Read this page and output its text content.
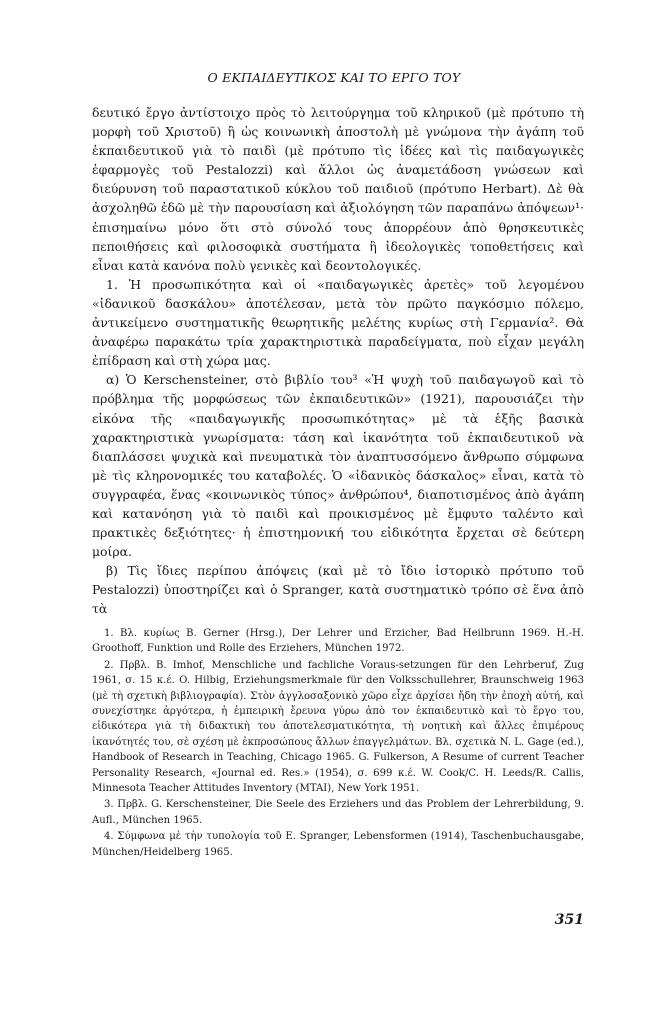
Ο ΕΚΠΑΙΔΕΥΤΙΚΟΣ ΚΑΙ ΤΟ ΕΡΓΟ ΤΟΥ

δευτικό ἔργο ἀντίστοιχο πρὸς τὸ λειτούργημα τοῦ κληρικοῦ (μὲ πρότυπο τὴ μορφὴ τοῦ Χριστοῦ) ἢ ὡς κοινωνικὴ ἀποστολὴ μὲ γνώμονα τὴν ἀγάπη τοῦ ἐκπαιδευτικοῦ γιὰ τὸ παιδὶ (μὲ πρότυπο τὶς ἰδέες καὶ τὶς παιδαγωγικὲς ἐφαρμογὲς τοῦ Pestalozzi) καὶ ἄλλοι ὡς ἀναμετάδοση γνώσεων καὶ διεύρυνση τοῦ παραστατικοῦ κύκλου τοῦ παιδιοῦ (πρότυπο Herbart). Δὲ θὰ ἀσχοληθῶ ἐδῶ μὲ τὴν παρουσίαση καὶ ἀξιολόγηση τῶν παραπάνω ἀπόψεων¹· ἐπισημαίνω μόνο ὅτι στὸ σύνολό τους ἀπορρέουν ἀπὸ θρησκευτικὲς πεποιθήσεις καὶ φιλοσοφικὰ συστήματα ἢ ἰδεολογικὲς τοποθετήσεις καὶ εἶναι κατὰ κανόνα πολὺ γενικὲς καὶ δεοντολογικές.

1. Ἡ προσωπικότητα καὶ οἱ «παιδαγωγικὲς ἀρετὲς» τοῦ λεγομένου «ἰδανικοῦ δασκάλου» ἀποτέλεσαν, μετὰ τὸν πρῶτο παγκόσμιο πόλεμο, ἀντικείμενο συστηματικῆς θεωρητικῆς μελέτης κυρίως στὴ Γερμανία². Θὰ ἀναφέρω παρακάτω τρία χαρακτηριστικὰ παραδείγματα, ποὺ εἶχαν μεγάλη ἐπίδραση καὶ στὴ χώρα μας.

α) Ὁ Kerschensteiner, στὸ βιβλίο του³ «Ἡ ψυχὴ τοῦ παιδαγωγοῦ καὶ τὸ πρόβλημα τῆς μορφώσεως τῶν ἐκπαιδευτικῶν» (1921), παρουσιάζει τὴν εἰκόνα τῆς «παιδαγωγικῆς προσωπικότητας» μὲ τὰ ἑξῆς βασικὰ χαρακτηριστικὰ γνωρίσματα: τάση καὶ ἱκανότητα τοῦ ἐκπαιδευτικοῦ νὰ διαπλάσσει ψυχικὰ καὶ πνευματικὰ τὸν ἀναπτυσσόμενο ἄνθρωπο σύμφωνα μὲ τὶς κληρονομικές του καταβολές. Ὁ «ἰδανικὸς δάσκαλος» εἶναι, κατὰ τὸ συγγραφέα, ἕνας «κοινωνικὸς τύπος» ἀνθρώπου⁴, διαποτισμένος ἀπὸ ἀγάπη καὶ κατανόηση γιὰ τὸ παιδὶ καὶ προικισμένος μὲ ἔμφυτο ταλέντο καὶ πρακτικὲς δεξιότητες· ἡ ἐπιστημονική του εἰδικότητα ἔρχεται σὲ δεύτερη μοίρα.

β) Τὶς ἴδιες περίπου ἀπόψεις (καὶ μὲ τὸ ἴδιο ἱστορικὸ πρότυπο τοῦ Pestalozzi) ὑποστηρίζει καὶ ὁ Spranger, κατὰ συστηματικὸ τρόπο σὲ ἕνα ἀπὸ τὰ

1. Βλ. κυρίως B. Gerner (Hrsg.), Der Lehrer und Erzicher, Bad Heilbrunn 1969. H.-H. Groothoff, Funktion und Rolle des Erziehers, München 1972.

2. Πρβλ. B. Imhof, Menschliche und fachliche Voraus-setzungen für den Lehrberuf, Zug 1961, σ. 15 κ.έ. O. Hilbig, Erziehungsmerkmale für den Volksschullehrer, Braunschweig 1963 (μὲ τὴ σχετικὴ βιβλιογραφία). Στὸν ἀγγλοσαξονικὸ χῶρο εἶχε ἀρχίσει ἤδη τὴν ἐποχὴ αὐτή, καὶ συνεχίστηκε ἀργότερα, ἡ ἐμπειρικὴ ἔρευνα γύρω ἀπὸ τον ἐκπαιδευτικὸ καὶ τὸ ἔργο του, εἰδικότερα γιὰ τὴ διδακτικὴ του ἀποτελεσματικότητα, τὴ νοητικὴ καὶ ἄλλες ἐπιμέρους ἱκανότητές του, σὲ σχέση μὲ ἐκπροσώπους ἄλλων ἐπαγγελμάτων. Βλ. σχετικὰ N. L. Gage (ed.), Handbook of Research in Teaching, Chicago 1965. G. Fulkerson, A Resume of current Teacher Personality Research, «Journal ed. Res.» (1954), σ. 699 κ.έ. W. Cook/C. H. Leeds/R. Callis, Minnesota Teacher Attitudes Inventory (MTAI), New York 1951.

3. Πρβλ. G. Kerschensteiner, Die Seele des Erziehers und das Problem der Lehrerbildung, 9. Aufl., München 1965.

4. Σύμφωνα μὲ τὴν τυπολογία τοῦ E. Spranger, Lebensformen (1914), Taschenbuchausgabe, München/Heidelberg 1965.

351
